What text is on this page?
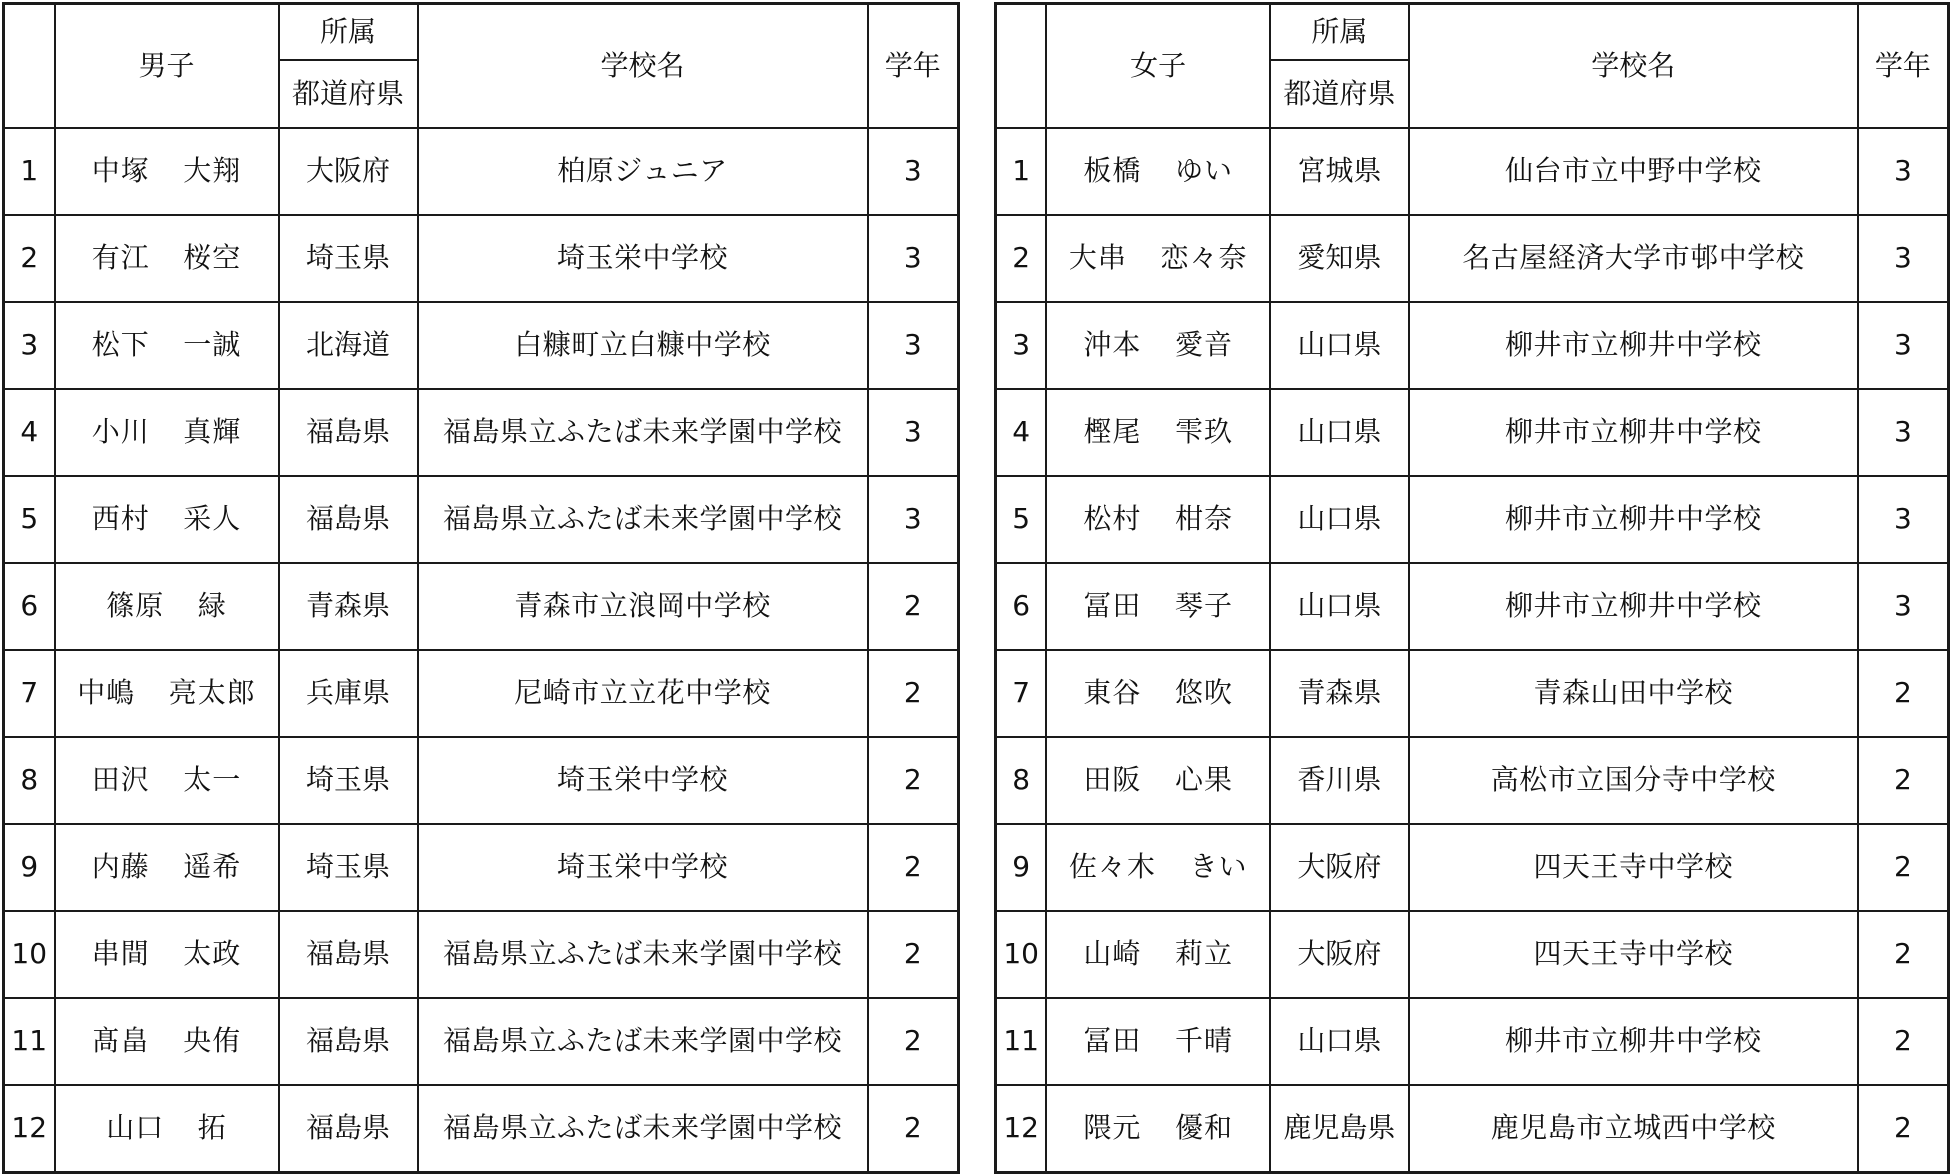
	男子	所属	学校名	学年
		都道府県		
1	中塚 大翔	大阪府	柏原ジュニア	3
2	有江 桜空	埼玉県	埼玉栄中学校	3
3	松下 一誠	北海道	白糠町立白糠中学校	3
4	小川 真輝	福島県	福島県立ふたば未来学園中学校	3
5	西村 采人	福島県	福島県立ふたば未来学園中学校	3
6	篠原 緑	青森県	青森市立浪岡中学校	2
7	中嶋 亮太郎	兵庫県	尼崎市立立花中学校	2
8	田沢 太一	埼玉県	埼玉栄中学校	2
9	内藤 遥希	埼玉県	埼玉栄中学校	2
10	串間 太政	福島県	福島県立ふたば未来学園中学校	2
11	髙畠 央侑	福島県	福島県立ふたば未来学園中学校	2
12	山口 拓	福島県	福島県立ふたば未来学園中学校	2
	女子	所属	学校名	学年
		都道府県		
1	板橋 ゆい	宮城県	仙台市立中野中学校	3
2	大串 恋々奈	愛知県	名古屋経済大学市邨中学校	3
3	沖本 愛音	山口県	柳井市立柳井中学校	3
4	樫尾 雫玖	山口県	柳井市立柳井中学校	3
5	松村 柑奈	山口県	柳井市立柳井中学校	3
6	冨田 琴子	山口県	柳井市立柳井中学校	3
7	東谷 悠吹	青森県	青森山田中学校	2
8	田阪 心果	香川県	高松市立国分寺中学校	2
9	佐々木 きい	大阪府	四天王寺中学校	2
10	山崎 莉立	大阪府	四天王寺中学校	2
11	冨田 千晴	山口県	柳井市立柳井中学校	2
12	隈元 優和	鹿児島県	鹿児島市立城西中学校	2
